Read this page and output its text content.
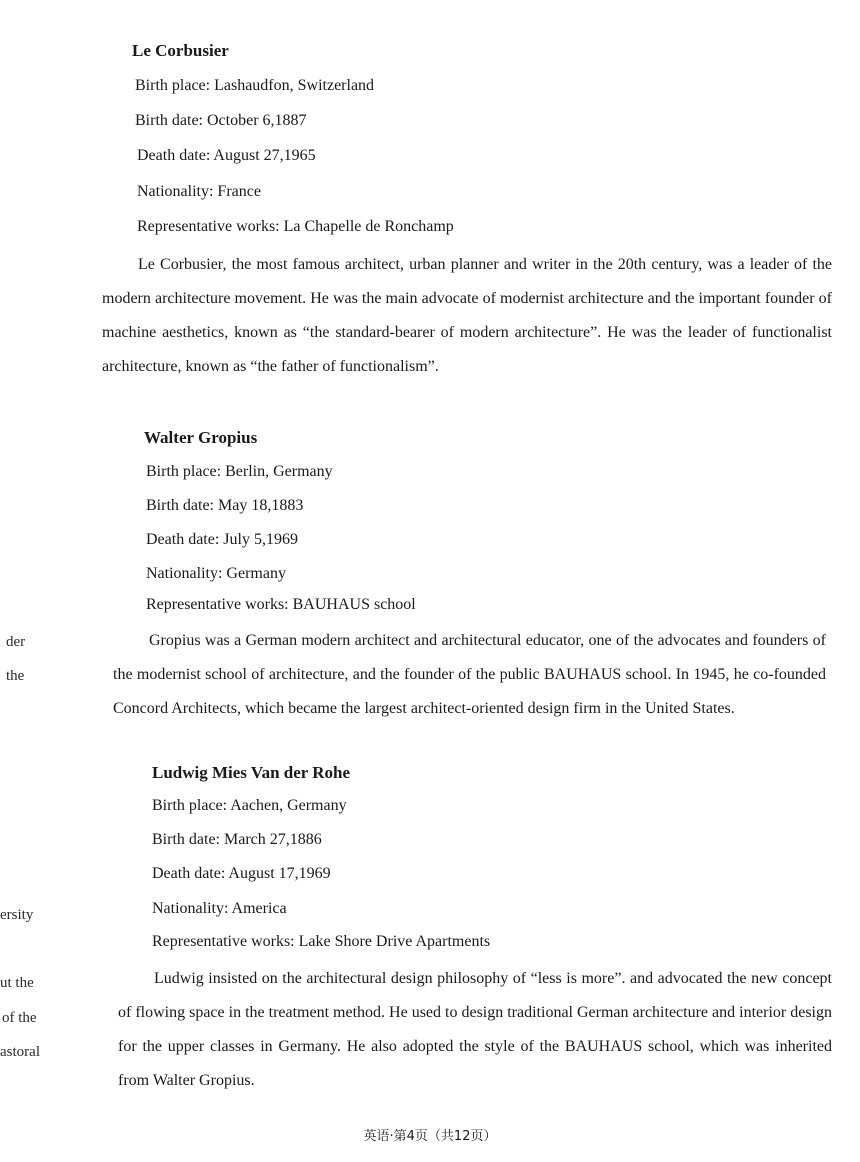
Le Corbusier
Birth place: Lashaudfon, Switzerland
Birth date: October 6,1887
Death date: August 27,1965
Nationality: France
Representative works: La Chapelle de Ronchamp

Le Corbusier, the most famous architect, urban planner and writer in the 20th century, was a leader of the modern architecture movement. He was the main advocate of modernist architecture and the important founder of machine aesthetics, known as “the standard-bearer of modern architecture”. He was the leader of functionalist architecture, known as “the father of functionalism”.

Walter Gropius
Birth place: Berlin, Germany
Birth date: May 18,1883
Death date: July 5,1969
Nationality: Germany
Representative works: BAUHAUS school

Gropius was a German modern architect and architectural educator, one of the advocates and founders of the modernist school of architecture, and the founder of the public BAUHAUS school. In 1945, he co-founded Concord Architects, which became the largest architect-oriented design firm in the United States.

Ludwig Mies Van der Rohe
Birth place: Aachen, Germany
Birth date: March 27,1886
Death date: August 17,1969
Nationality: America
Representative works: Lake Shore Drive Apartments

Ludwig insisted on the architectural design philosophy of “less is more”. and advocated the new concept of flowing space in the treatment method. He used to design traditional German architecture and interior design for the upper classes in Germany. He also adopted the style of the BAUHAUS school, which was inherited from Walter Gropius.

der
the
ersity
ut the
of the
astoral
英语·第4页（共12页）
